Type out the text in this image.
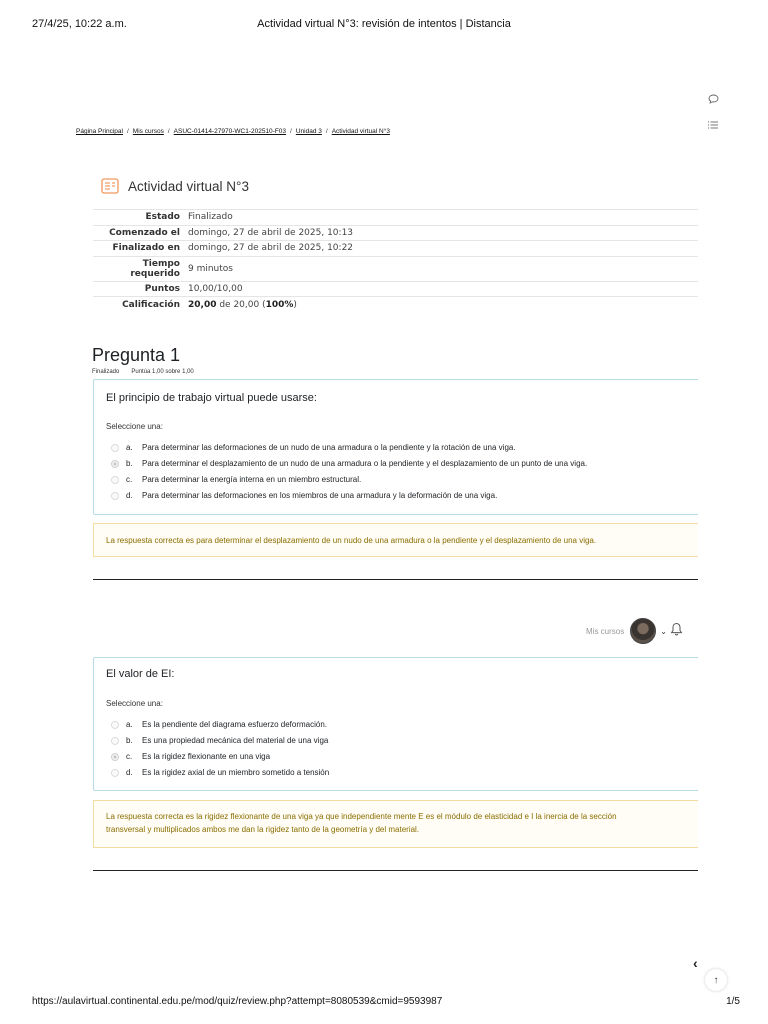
27/4/25, 10:22 a.m.	Actividad virtual N°3: revisión de intentos | Distancia
Página Principal / Mis cursos / ASUC-01414-27970-WC1-202510-F03 / Unidad 3 / Actividad virtual N°3
Actividad virtual N°3
Estado	Finalizado
Comenzado el	domingo, 27 de abril de 2025, 10:13
Finalizado en	domingo, 27 de abril de 2025, 10:22
Tiempo requerido	9 minutos
Puntos	10,00/10,00
Calificación	20,00 de 20,00 (100%)
Pregunta 1
Finalizado Puntúa 1,00 sobre 1,00
El principio de trabajo virtual puede usarse:
Seleccione una:
a.	Para determinar las deformaciones de un nudo de una armadura o la pendiente y la rotación de una viga.
b.	Para determinar el desplazamiento de un nudo de una armadura o la pendiente y el desplazamiento de un punto de una viga.
c.	Para determinar la energía interna en un miembro estructural.
d.	Para determinar las deformaciones en los miembros de una armadura y la deformación de una viga.
La respuesta correcta es para determinar el desplazamiento de un nudo de una armadura o la pendiente y el desplazamiento de una viga.
Mis cursos	⌄
El valor de EI:
Seleccione una:
a.	Es la pendiente del diagrama esfuerzo deformación.
b.	Es una propiedad mecánica del material de una viga
c.	Es la rigidez flexionante en una viga
d.	Es la rigidez axial de un miembro sometido a tensión
La respuesta correcta es la rigidez flexionante de una viga ya que independiente mente E es el módulo de elasticidad e I la inercia de la sección
transversal y multiplicados ambos me dan la rigidez tanto de la geometría y del material.
‹
↑
https://aulavirtual.continental.edu.pe/mod/quiz/review.php?attempt=8080539&cmid=9593987	1/5
